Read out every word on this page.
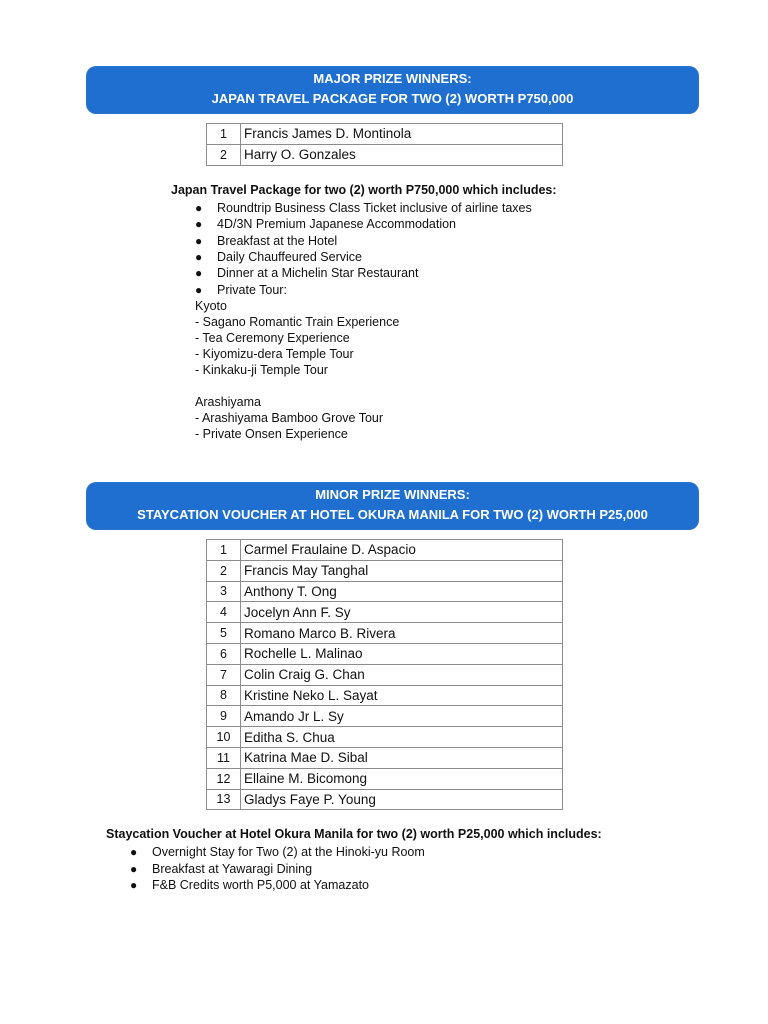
MAJOR PRIZE WINNERS:
JAPAN TRAVEL PACKAGE FOR TWO (2) WORTH P750,000
1	Francis James D. Montinola
2	Harry O. Gonzales
Japan Travel Package for two (2) worth P750,000 which includes:
● Roundtrip Business Class Ticket inclusive of airline taxes
● 4D/3N Premium Japanese Accommodation
● Breakfast at the Hotel
● Daily Chauffeured Service
● Dinner at a Michelin Star Restaurant
● Private Tour:
Kyoto
- Sagano Romantic Train Experience
- Tea Ceremony Experience
- Kiyomizu-dera Temple Tour
- Kinkaku-ji Temple Tour
Arashiyama
- Arashiyama Bamboo Grove Tour
- Private Onsen Experience
MINOR PRIZE WINNERS:
STAYCATION VOUCHER AT HOTEL OKURA MANILA FOR TWO (2) WORTH P25,000
1	Carmel Fraulaine D. Aspacio
2	Francis May Tanghal
3	Anthony T. Ong
4	Jocelyn Ann F. Sy
5	Romano Marco B. Rivera
6	Rochelle L. Malinao
7	Colin Craig G. Chan
8	Kristine Neko L. Sayat
9	Amando Jr L. Sy
10	Editha S. Chua
11	Katrina Mae D. Sibal
12	Ellaine M. Bicomong
13	Gladys Faye P. Young
Staycation Voucher at Hotel Okura Manila for two (2) worth P25,000 which includes:
● Overnight Stay for Two (2) at the Hinoki-yu Room
● Breakfast at Yawaragi Dining
● F&B Credits worth P5,000 at Yamazato
